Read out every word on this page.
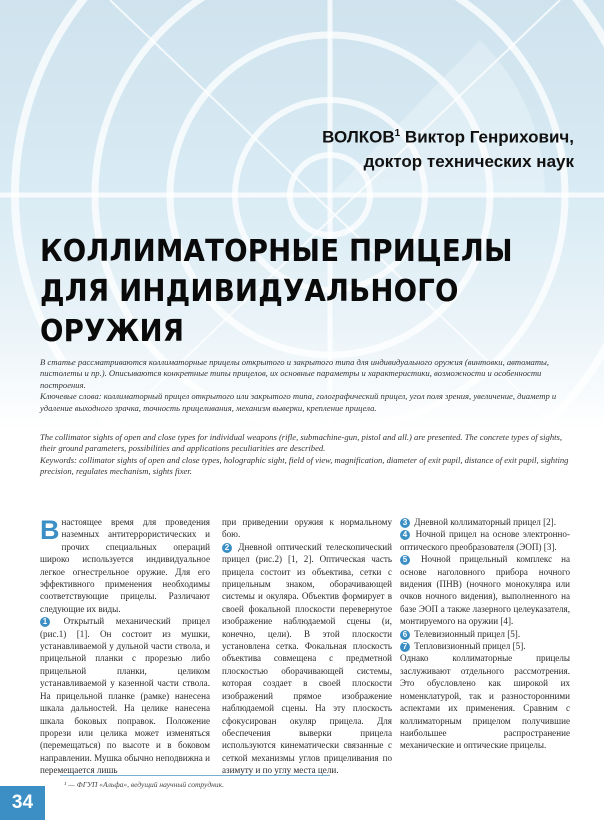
ВОЛКОВ$^1$ Виктор Генрихович,
доктор технических наук
КОЛЛИМАТОРНЫЕ ПРИЦЕЛЫ
ДЛЯ ИНДИВИДУАЛЬНОГО ОРУЖИЯ

В статье рассматриваются коллиматорные прицелы открытого и закрытого типа для индивидуального оружия (винтовки, автоматы, пистолеты и пр.). Описываются конкретные типы прицелов, их основные параметры и характеристики, возможности и особенности построения.

Ключевые слова: коллиматорный прицел открытого или закрытого типа, голографический прицел, угол поля зрения, увеличение, диаметр и удаление выходного зрачка, точность прицеливания, механизм выверки, крепление прицела.

The collimator sights of open and close types for individual weapons (rifle, submachine-gun, pistol and all.) are presented. The concrete types of sights, their ground parameters, possibilities and applications peculiarities are described.

Keywords: collimator sights of open and close types, holographic sight, field of view, magnification, diameter of exit pupil, distance of exit pupil, sighting precision, regulates mechanism, sights fixer.

Внастоящее время для проведения наземных антитеррористических и прочих специальных операций широко используется индивидуальное легкое огнестрельное оружие. Для его эффективного применения необходимы соответствующие прицелы. Различают следующие их виды.

1 Открытый механический прицел (рис.1) [1]. Он состоит из мушки, устанавливаемой у дульной части ствола, и прицельной планки с прорезью либо прицельной планки, целиком устанавливаемой у казенной части ствола. На прицельной планке (рамке) нанесена шкала дальностей. На целике нанесена шкала боковых поправок. Положение прорези или целика может изменяться (перемещаться) по высоте и в боковом направлении. Мушка обычно неподвижна и перемещается лишь

при приведении оружия к нормальному бою.

2 Дневной оптический телескопический прицел (рис.2) [1, 2]. Оптическая часть прицела состоит из объектива, сетки с прицельным знаком, оборачивающей системы и окуляра. Объектив формирует в своей фокальной плоскости перевернутое изображение наблюдаемой сцены (и, конечно, цели). В этой плоскости установлена сетка. Фокальная плоскость объектива совмещена с предметной плоскостью оборачивающей системы, которая создает в своей плоскости изображений прямое изображение наблюдаемой сцены. На эту плоскость сфокусирован окуляр прицела. Для обеспечения выверки прицела используются кинематически связанные с сеткой механизмы углов прицеливания по азимуту и по углу места цели.

3 Дневной коллиматорный прицел [2].

4 Ночной прицел на основе электронно-оптического преобразователя (ЭОП) [3].

5 Ночной прицельный комплекс на основе наголовного прибора ночного видения (ПНВ) (ночного монокуляра или очков ночного видения), выполненного на базе ЭОП а также лазерного целеуказателя, монтируемого на оружии [4].

6 Телевизионный прицел [5].

7 Тепловизионный прицел [5].

Однако коллиматорные прицелы заслуживают отдельного рассмотрения. Это обусловлено как широкой их номенклатурой, так и разносторонними аспектами их применения. Сравним с коллиматорным прицелом получившие наибольшее распространение механические и оптические прицелы.

¹ — ФГУП «Альфа», ведущий научный сотрудник.
34
